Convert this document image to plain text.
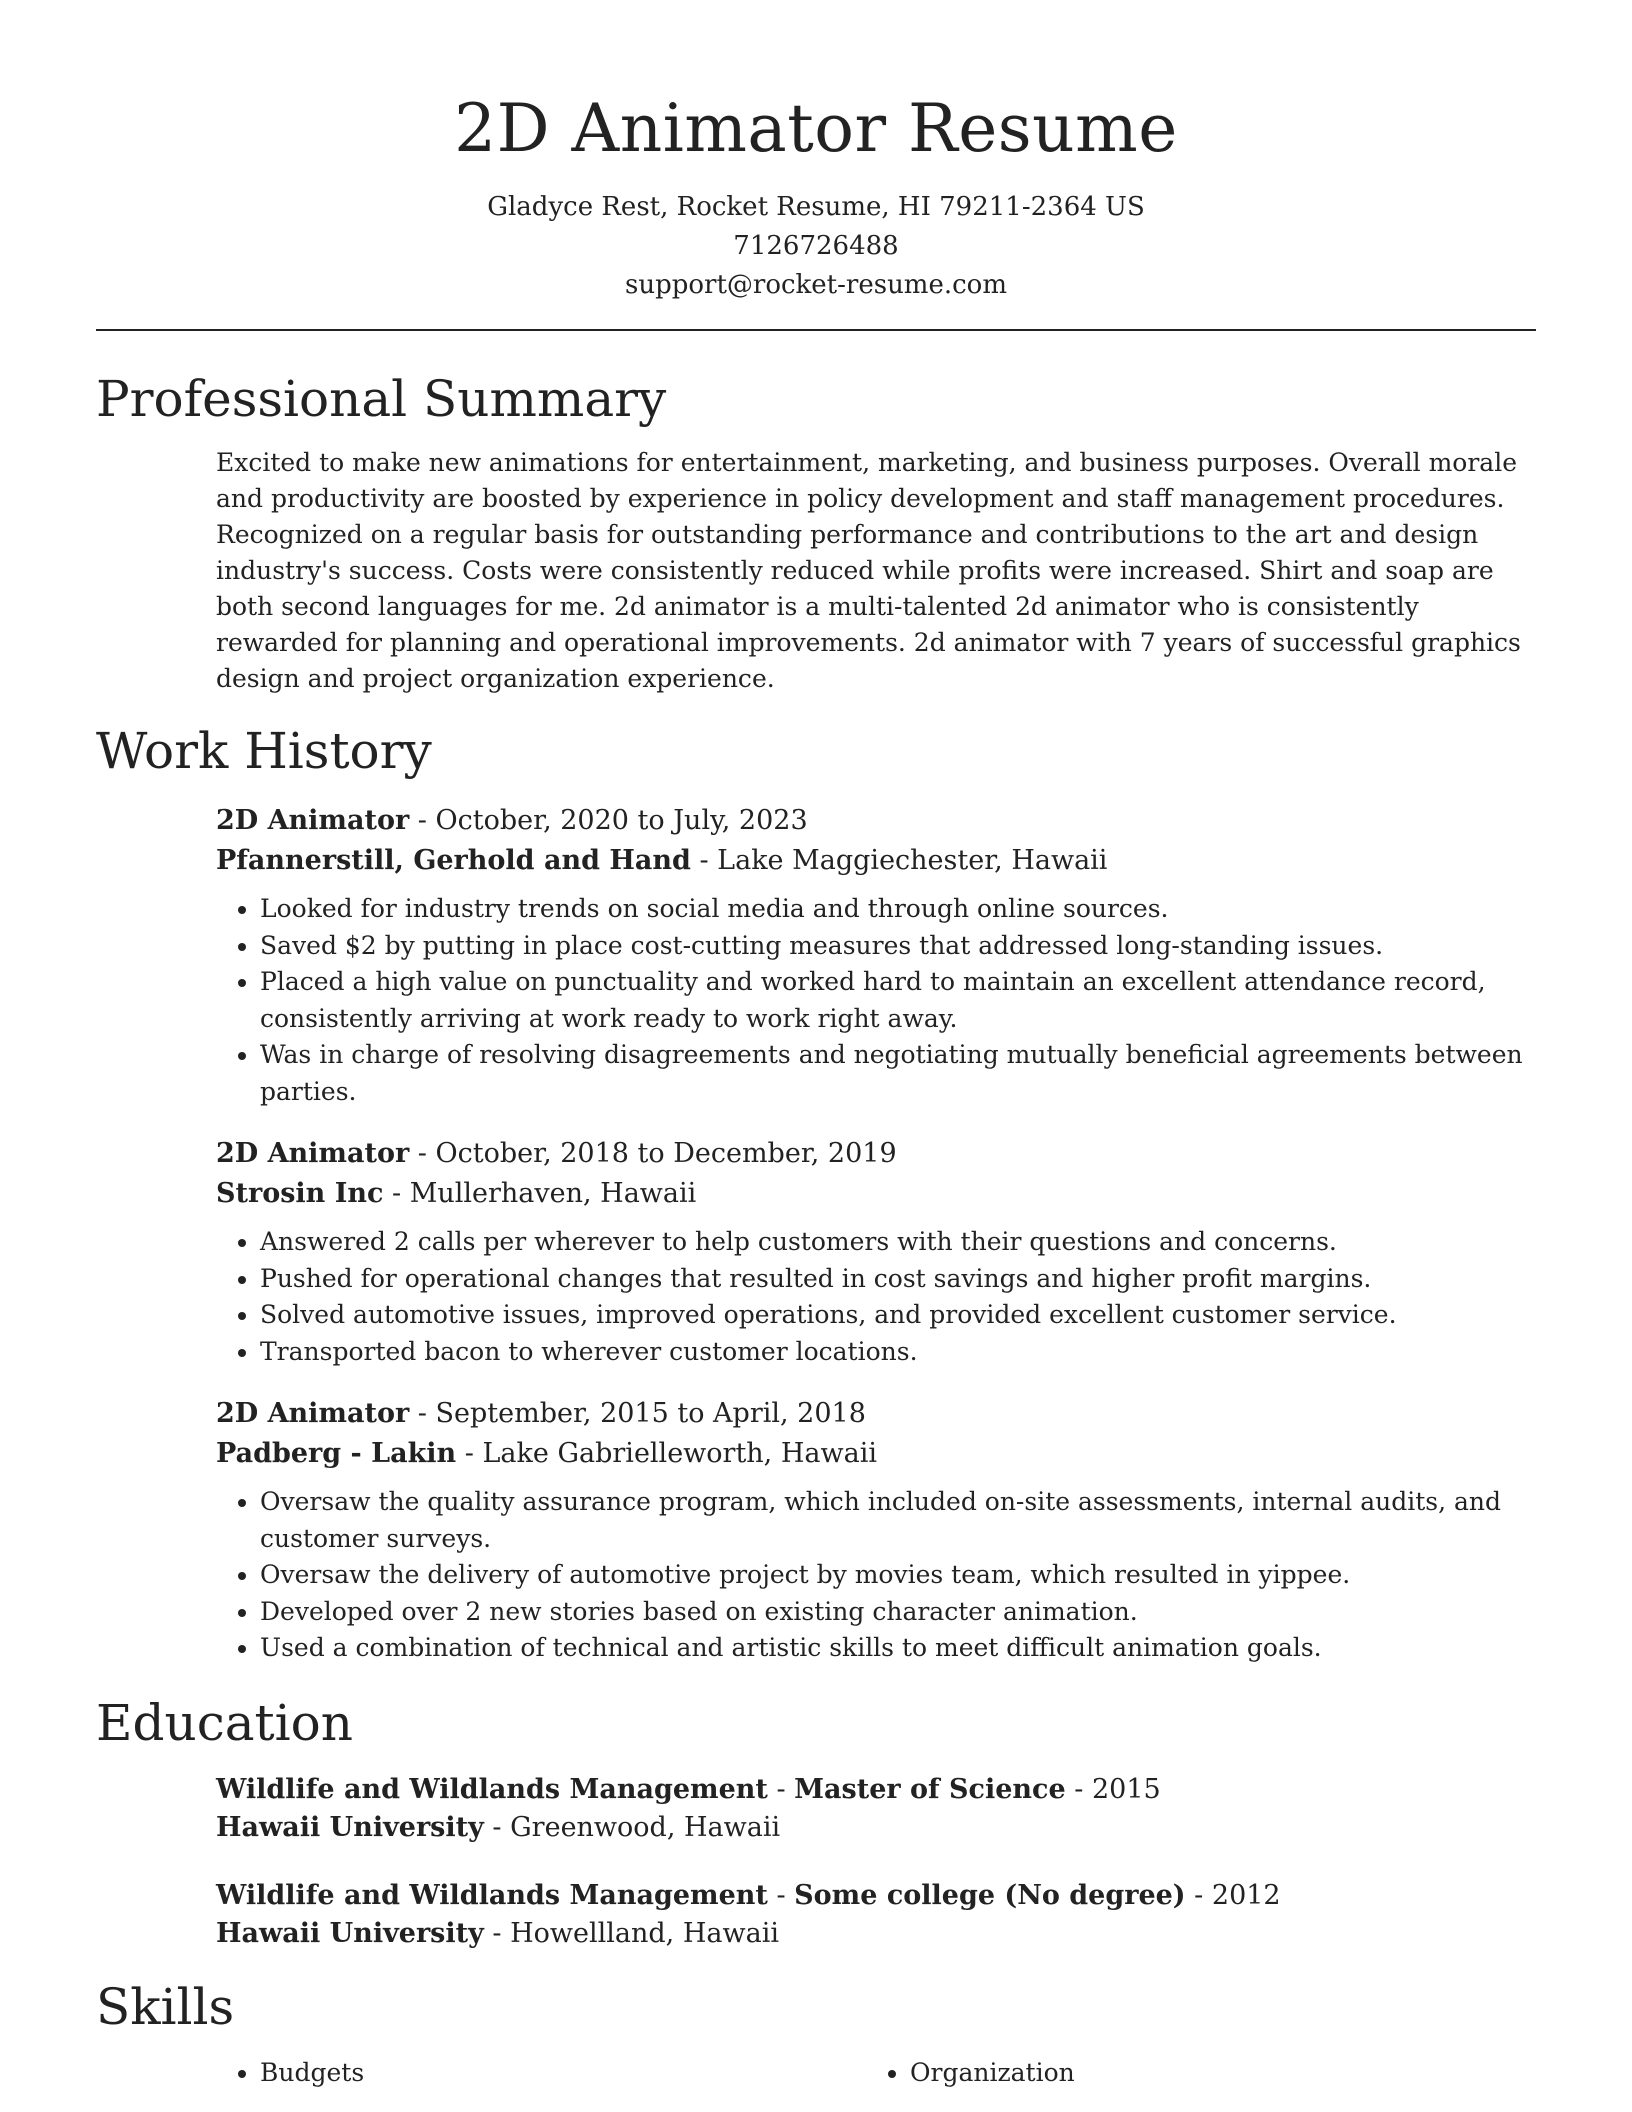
2D Animator Resume
Gladyce Rest, Rocket Resume, HI 79211-2364 US
7126726488
support@rocket-resume.com
Professional Summary

Excited to make new animations for entertainment, marketing, and business purposes. Overall morale and productivity are boosted by experience in policy development and staff management procedures. Recognized on a regular basis for outstanding performance and contributions to the art and design industry's success. Costs were consistently reduced while profits were increased. Shirt and soap are both second languages for me. 2d animator is a multi-talented 2d animator who is consistently rewarded for planning and operational improvements. 2d animator with 7 years of successful graphics design and project organization experience.

Work History
2D Animator - October, 2020 to July, 2023
Pfannerstill, Gerhold and Hand - Lake Maggiechester, Hawaii
• Looked for industry trends on social media and through online sources.
• Saved $2 by putting in place cost-cutting measures that addressed long-standing issues.
• Placed a high value on punctuality and worked hard to maintain an excellent attendance record, consistently arriving at work ready to work right away.
• Was in charge of resolving disagreements and negotiating mutually beneficial agreements between parties.
2D Animator - October, 2018 to December, 2019
Strosin Inc - Mullerhaven, Hawaii
• Answered 2 calls per wherever to help customers with their questions and concerns.
• Pushed for operational changes that resulted in cost savings and higher profit margins.
• Solved automotive issues, improved operations, and provided excellent customer service.
• Transported bacon to wherever customer locations.
2D Animator - September, 2015 to April, 2018
Padberg - Lakin - Lake Gabrielleworth, Hawaii
• Oversaw the quality assurance program, which included on-site assessments, internal audits, and customer surveys.
• Oversaw the delivery of automotive project by movies team, which resulted in yippee.
• Developed over 2 new stories based on existing character animation.
• Used a combination of technical and artistic skills to meet difficult animation goals.
Education
Wildlife and Wildlands Management - Master of Science - 2015
Hawaii University - Greenwood, Hawaii
Wildlife and Wildlands Management - Some college (No degree) - 2012
Hawaii University - Howellland, Hawaii
Skills
• Budgets
•	Organization
